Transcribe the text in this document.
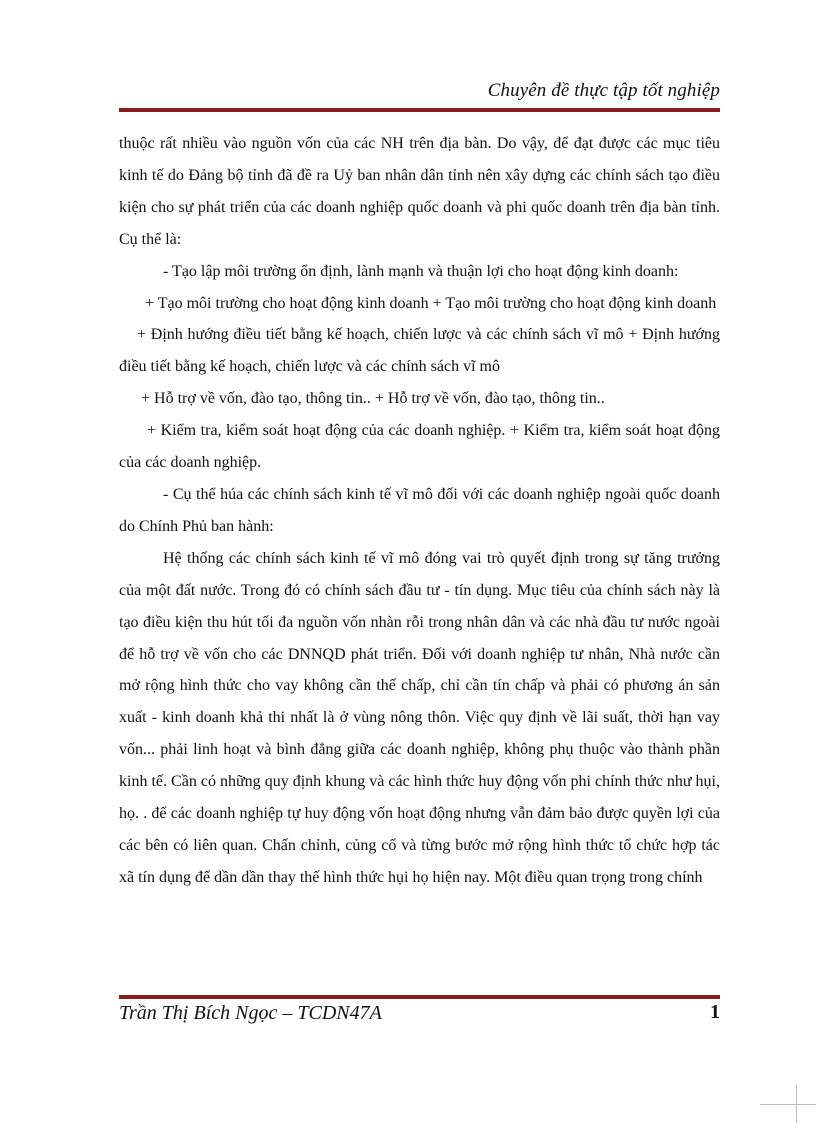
Chuyên đề thực tập tốt nghiệp

thuộc rất nhiều vào nguồn vốn của các NH trên địa bàn. Do vậy, để đạt được các mục tiêu kinh tế do Đảng bộ tỉnh đã đề ra Uỷ ban nhân dân tỉnh nên xây dựng các chính sách tạo điều kiện cho sự phát triển của các doanh nghiệp quốc doanh và phi quốc doanh trên địa bàn tỉnh. Cụ thể là:

- Tạo lập môi trường ổn định, lành mạnh và thuận lợi cho hoạt động kinh doanh:

+ Tạo môi trường cho hoạt động kinh doanh + Tạo môi trường cho hoạt động kinh doanh

+ Định hướng điều tiết bằng kế hoạch, chiến lược và các chính sách vĩ mô + Định hướng điều tiết bằng kế hoạch, chiến lược và các chính sách vĩ mô

+ Hỗ trợ về vốn, đào tạo, thông tin.. + Hỗ trợ về vốn, đào tạo, thông tin..

+ Kiểm tra, kiểm soát hoạt động của các doanh nghiệp. + Kiểm tra, kiểm soát hoạt động của các doanh nghiệp.

- Cụ thể húa các chính sách kinh tế vĩ mô đối với các doanh nghiệp ngoài quốc doanh do Chính Phủ ban hành:

Hệ thống các chính sách kinh tế vĩ mô đóng vai trò quyết định trong sự tăng trưởng của một đất nước. Trong đó có chính sách đầu tư - tín dụng. Mục tiêu của chính sách này là tạo điều kiện thu hút tối đa nguồn vốn nhàn rỗi trong nhân dân và các nhà đầu tư nước ngoài để hỗ trợ về vốn cho các DNNQD phát triển. Đối với doanh nghiệp tư nhân, Nhà nước cần mở rộng hình thức cho vay không cần thế chấp, chỉ cần tín chấp và phải có phương án sản xuất - kinh doanh khả thi nhất là ở vùng nông thôn. Việc quy định về lãi suất, thời hạn vay vốn... phải linh hoạt và bình đẳng giữa các doanh nghiệp, không phụ thuộc vào thành phần kinh tế. Cần có những quy định khung và các hình thức huy động vốn phi chính thức như hụi, họ. . để các doanh nghiệp tự huy động vốn hoạt động nhưng vẫn đảm bảo được quyền lợi của các bên có liên quan. Chấn chỉnh, củng cố và từng bước mở rộng hình thức tổ chức hợp tác xã tín dụng để dần dần thay thế hình thức hụi họ hiện nay. Một điều quan trọng trong chính

Trần Thị Bích Ngọc – TCDN47A	1
